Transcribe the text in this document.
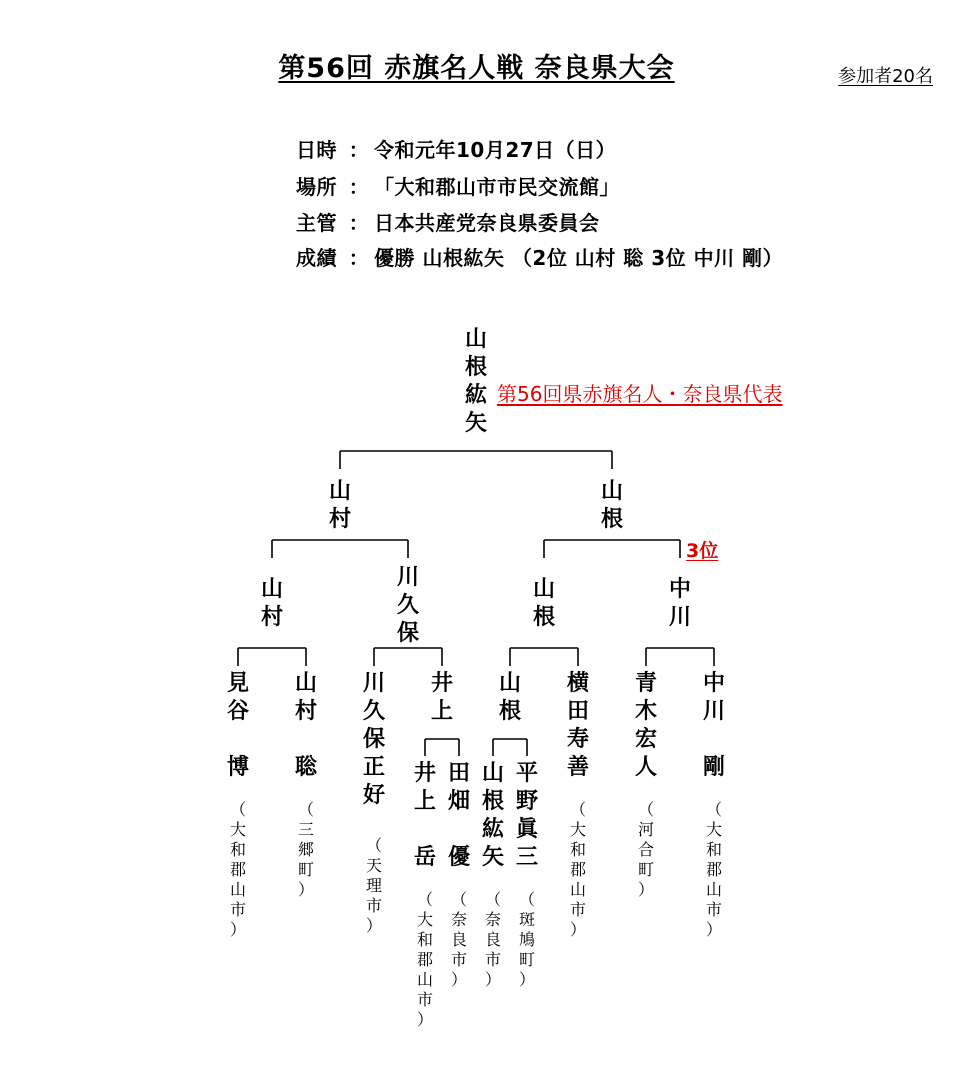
第56回 赤旗名人戦 奈良県大会	参加者20名
日時 ： 令和元年10月27日（日）
場所 ： 「大和郡山市市民交流館」
主管 ： 日本共産党奈良県委員会
成績 ： 優勝 山根紘矢 （2位 山村 聡 3位 中川 剛）
山
根
紘
矢
第56回県赤旗名人・奈良県代表
山
村
山
根
3位
山
村
川
久
保
山
根
中
川
井
上
山
根
見
谷

博
（
大
和
郡
山
市
）
山
村

聡
（
三
郷
町
）
川
久
保
正
好
（
天
理
市
）
井
上

岳
（
大
和
郡
山
市
）
田
畑

優
（
奈
良
市
）
山
根
紘
矢
（
奈
良
市
）
平
野
眞
三
（
斑
鳩
町
）
横
田
寿
善
（
大
和
郡
山
市
）
青
木
宏
人
（
河
合
町
）
中
川

剛
（
大
和
郡
山
市
）
